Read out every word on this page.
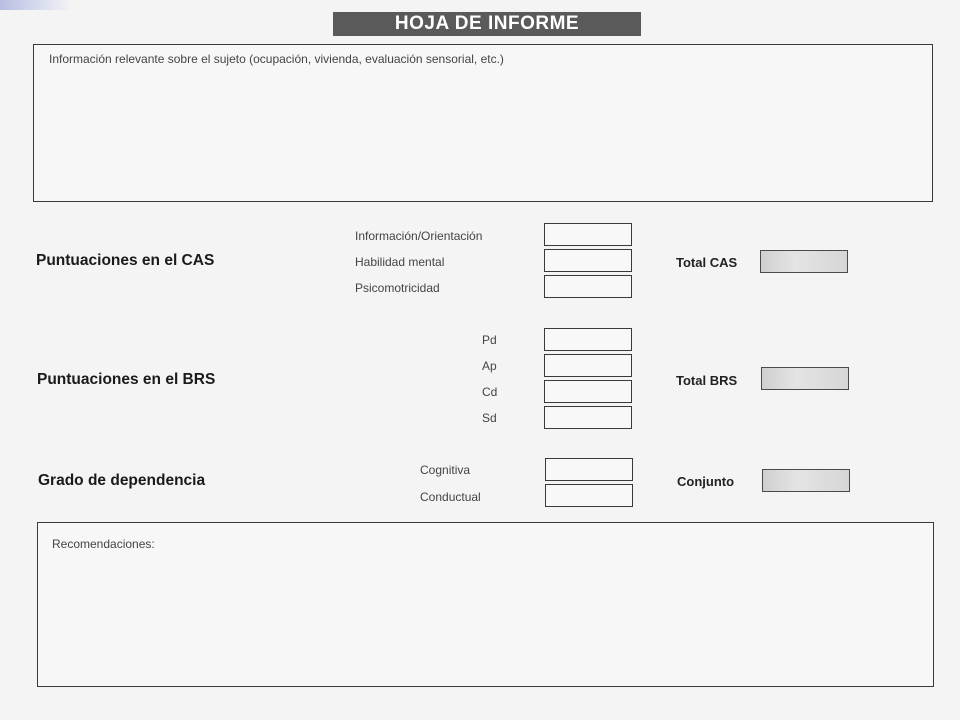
HOJA DE INFORME
Información relevante sobre el sujeto (ocupación, vivienda, evaluación sensorial, etc.)
Puntuaciones en el CAS
Información/Orientación
Habilidad mental
Psicomotricidad
Total CAS
Puntuaciones en el BRS
Pd
Ap
Cd
Sd
Total BRS
Grado de dependencia
Cognitiva
Conductual
Conjunto
Recomendaciones:
